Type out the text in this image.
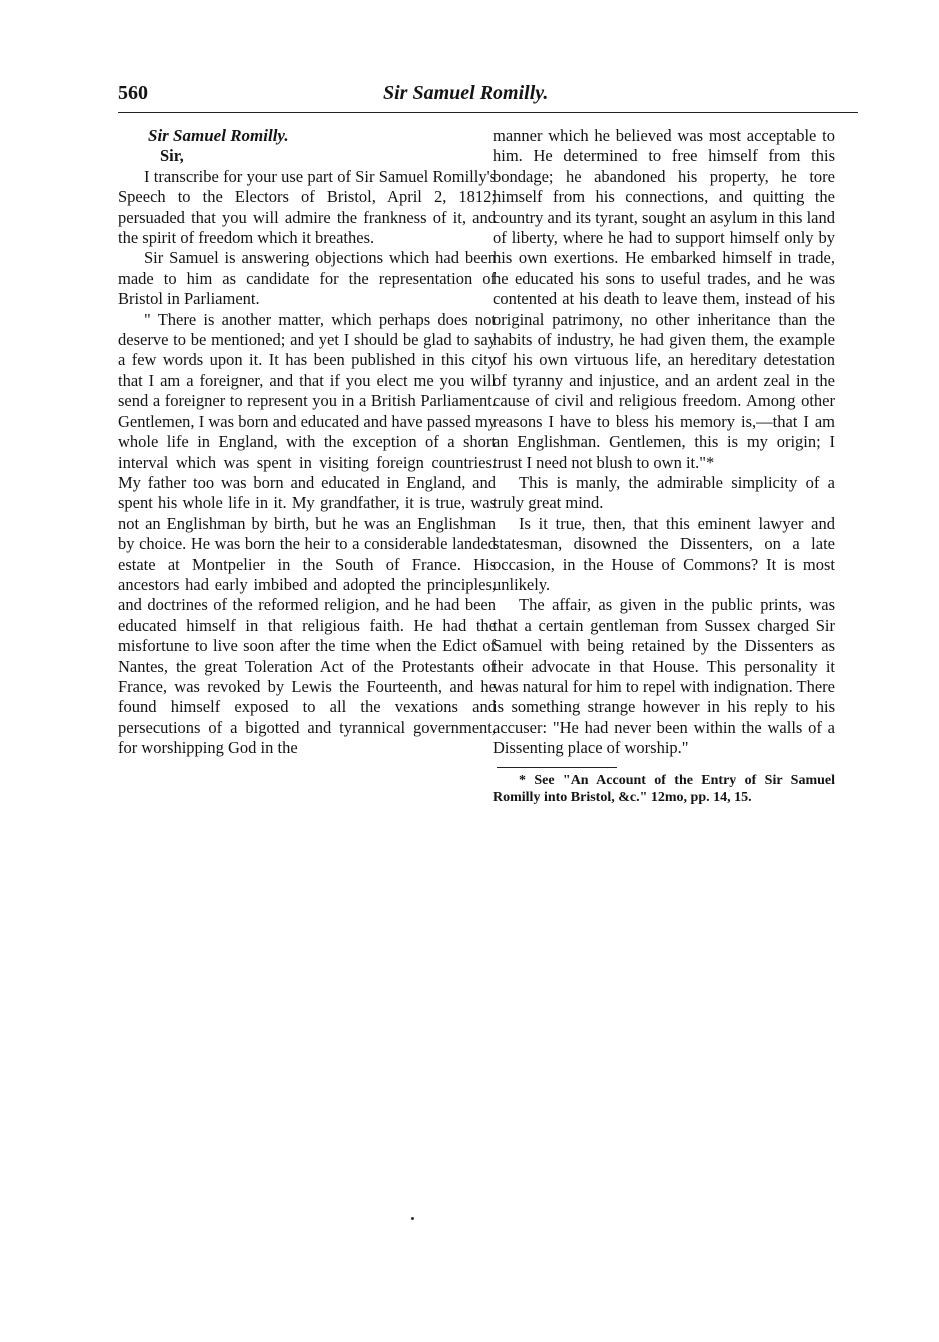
560	Sir Samuel Romilly.

Sir Samuel Romilly.

Sir,

I transcribe for your use part of Sir Samuel Romilly's Speech to the Electors of Bristol, April 2, 1812; persuaded that you will admire the frankness of it, and the spirit of freedom which it breathes.

Sir Samuel is answering objections which had been made to him as candidate for the representation of Bristol in Parliament.

" There is another matter, which perhaps does not deserve to be mentioned; and yet I should be glad to say a few words upon it. It has been published in this city that I am a foreigner, and that if you elect me you will send a foreigner to represent you in a British Parliament. Gentlemen, I was born and educated and have passed my whole life in England, with the exception of a short interval which was spent in visiting foreign countries. My father too was born and educated in England, and spent his whole life in it. My grandfather, it is true, was not an Englishman by birth, but he was an Englishman by choice. He was born the heir to a considerable landed estate at Montpelier in the South of France. His ancestors had early imbibed and adopted the principles, and doctrines of the reformed religion, and he had been educated himself in that religious faith. He had the misfortune to live soon after the time when the Edict of Nantes, the great Toleration Act of the Protestants of France, was revoked by Lewis the Fourteenth, and he found himself exposed to all the vexations and persecutions of a bigotted and tyrannical government, for worshipping God in the

manner which he believed was most acceptable to him. He determined to free himself from this bondage; he abandoned his property, he tore himself from his connections, and quitting the country and its tyrant, sought an asylum in this land of liberty, where he had to support himself only by his own exertions. He embarked himself in trade, he educated his sons to useful trades, and he was contented at his death to leave them, instead of his original patrimony, no other inheritance than the habits of industry, he had given them, the example of his own virtuous life, an hereditary detestation of tyranny and injustice, and an ardent zeal in the cause of civil and religious freedom. Among other reasons I have to bless his memory is,—that I am an Englishman. Gentlemen, this is my origin; I trust I need not blush to own it."*

This is manly, the admirable simplicity of a truly great mind.

Is it true, then, that this eminent lawyer and statesman, disowned the Dissenters, on a late occasion, in the House of Commons? It is most unlikely.

The affair, as given in the public prints, was that a certain gentleman from Sussex charged Sir Samuel with being retained by the Dissenters as their advocate in that House. This personality it was natural for him to repel with indignation. There is something strange however in his reply to his accuser: "He had never been within the walls of a Dissenting place of worship."

* See "An Account of the Entry of Sir Samuel Romilly into Bristol, &c." 12mo, pp. 14, 15.
